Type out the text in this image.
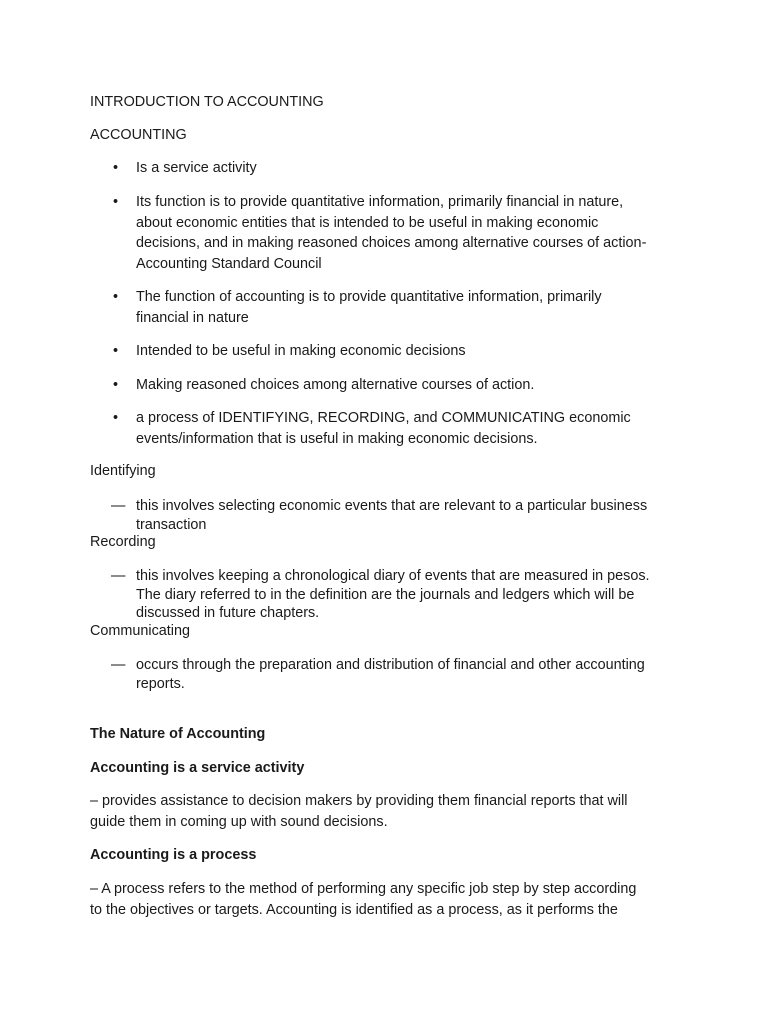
INTRODUCTION TO ACCOUNTING
ACCOUNTING
• Is a service activity
• Its function is to provide quantitative information, primarily financial in nature,
about economic entities that is intended to be useful in making economic
decisions, and in making reasoned choices among alternative courses of action-
Accounting Standard Council
• The function of accounting is to provide quantitative information, primarily
financial in nature
• Intended to be useful in making economic decisions
• Making reasoned choices among alternative courses of action.
• a process of IDENTIFYING, RECORDING, and COMMUNICATING economic
events/information that is useful in making economic decisions.
Identifying
— this involves selecting economic events that are relevant to a particular business
transaction
Recording
— this involves keeping a chronological diary of events that are measured in pesos.
The diary referred to in the definition are the journals and ledgers which will be
discussed in future chapters.
Communicating
— occurs through the preparation and distribution of financial and other accounting
reports.
The Nature of Accounting
Accounting is a service activity
– provides assistance to decision makers by providing them financial reports that will
guide them in coming up with sound decisions.
Accounting is a process
– A process refers to the method of performing any specific job step by step according
to the objectives or targets. Accounting is identified as a process, as it performs the
